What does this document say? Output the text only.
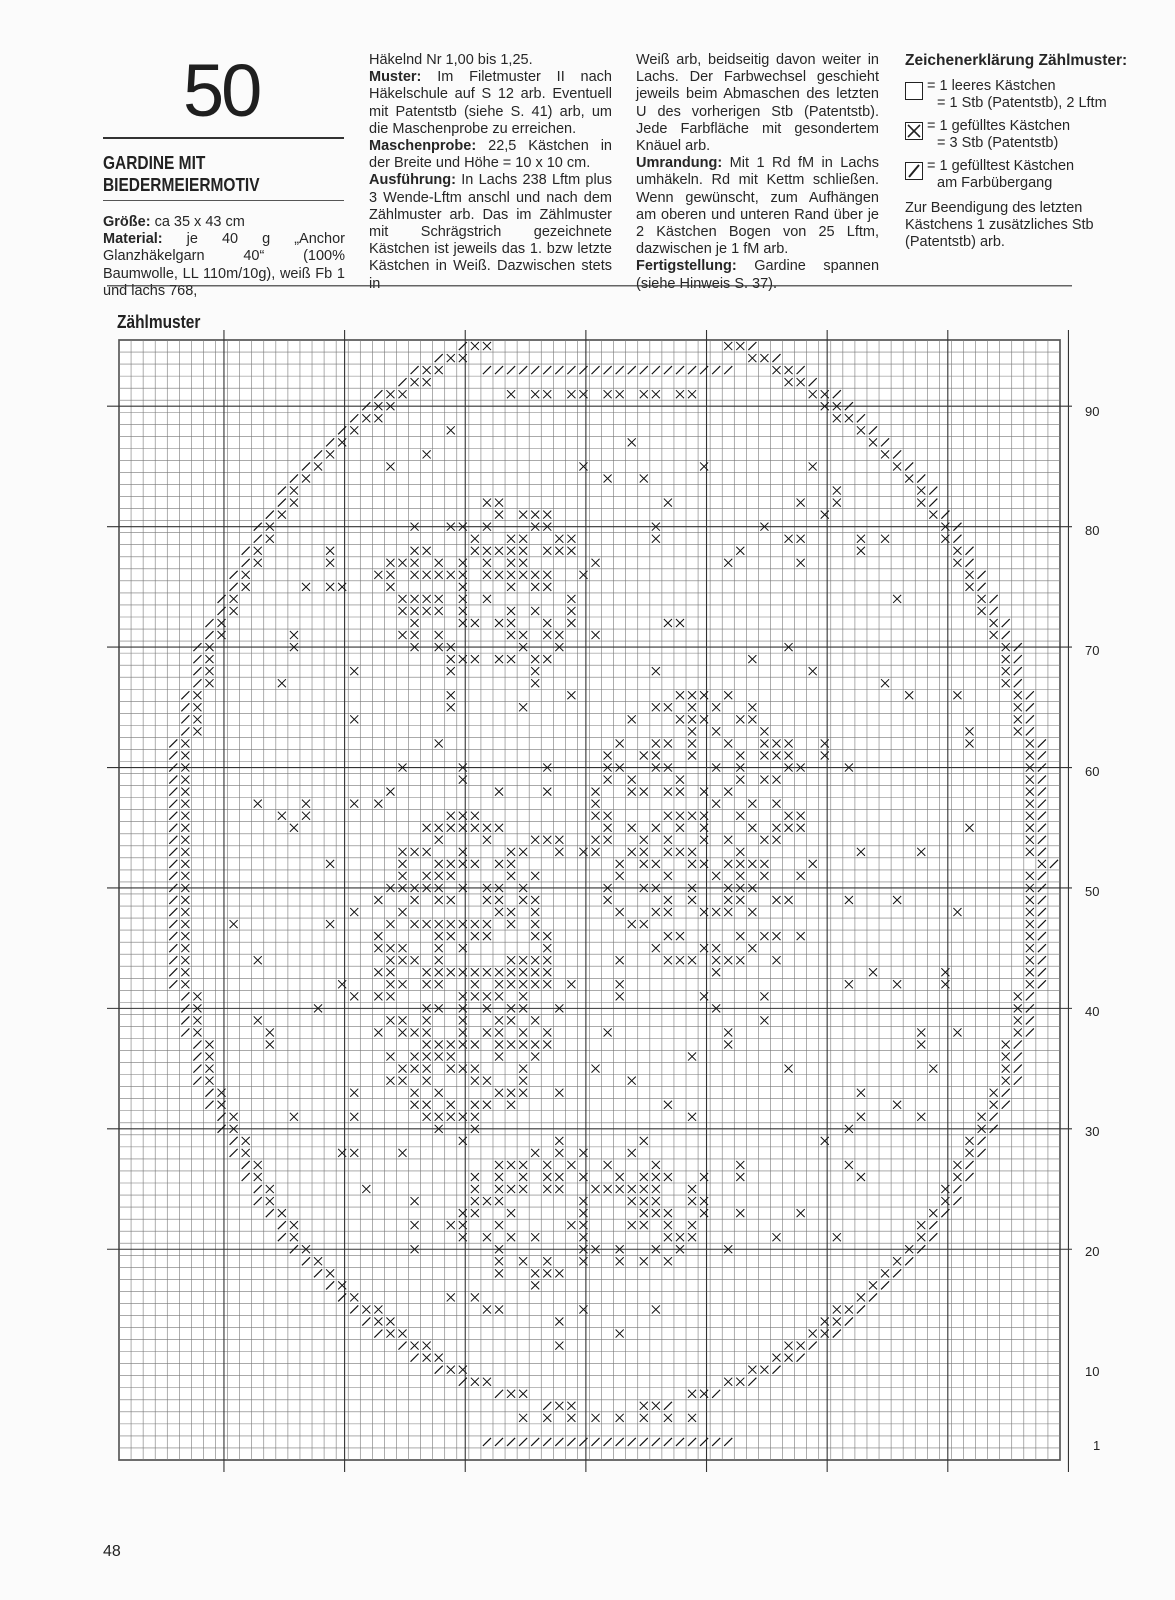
50
GARDINE MIT
BIEDERMEIERMOTIV

Größe: ca 35 x 43 cm

Material: je 40 g „Anchor Glanzhäkelgarn 40“ (100% Baumwolle, LL 110m/10g), weiß Fb 1 und lachs 768,

Häkelnd Nr 1,00 bis 1,25.

Muster: Im Filetmuster II nach Häkelschule auf S 12 arb. Eventuell mit Patentstb (siehe S. 41) arb, um die Maschenprobe zu erreichen.

Maschenprobe: 22,5 Kästchen in der Breite und Höhe = 10 x 10 cm.

Ausführung: In Lachs 238 Lftm plus 3 Wende-Lftm anschl und nach dem Zählmuster arb. Das im Zählmuster mit Schrägstrich gezeichnete Kästchen ist jeweils das 1. bzw letzte Kästchen in Weiß. Dazwischen stets in

Weiß arb, beidseitig davon weiter in Lachs. Der Farbwechsel geschieht jeweils beim Abmaschen des letzten U des vorherigen Stb (Patentstb). Jede Farbfläche mit gesondertem Knäuel arb.

Umrandung: Mit 1 Rd fM in Lachs umhäkeln. Rd mit Kettm schließen. Wenn gewünscht, zum Aufhängen am oberen und unteren Rand über je 2 Kästchen Bogen von 25 Lftm, dazwischen je 1 fM arb.

Fertigstellung: Gardine spannen (siehe Hinweis S. 37).

Zeichenerklärung Zählmuster:
= 1 leeres Kästchen
= 1 Stb (Patentstb), 2 Lftm
= 1 gefülltes Kästchen
= 3 Stb (Patentstb)
= 1 gefülltest Kästchen
am Farbübergang
Zur Beendigung des letzten Kästchens 1 zusätzliches Stb (Patentstb) arb.
Zählmuster
90
80
70
60
50
40
30
20
10
1
48
